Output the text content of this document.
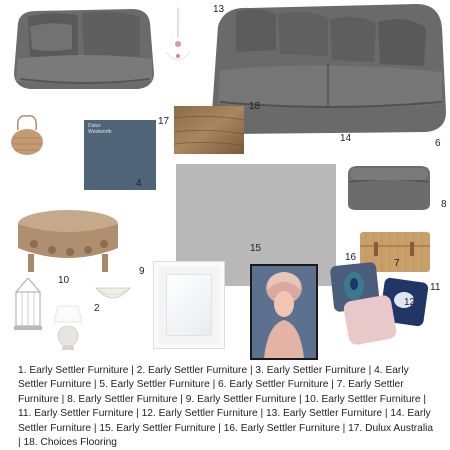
Dulux
Westworth
13
18
17
14	6
4
8
15
16
7
9
10
11
12
2

1. Early Settler Furniture | 2. Early Settler Furniture | 3. Early Settler Furniture | 4. Early Settler Furniture | 5. Early Settler Furniture | 6. Early Settler Furniture | 7. Early Settler Furniture | 8. Early Settler Furniture | 9. Early Settler Furniture | 10. Early Settler Furniture | 11. Early Settler Furniture | 12. Early Settler Furniture | 13. Early Settler Furniture | 14. Early Settler Furniture | 15. Early Settler Furniture | 16. Early Settler Furniture | 17. Dulux Australia | 18. Choices Flooring
